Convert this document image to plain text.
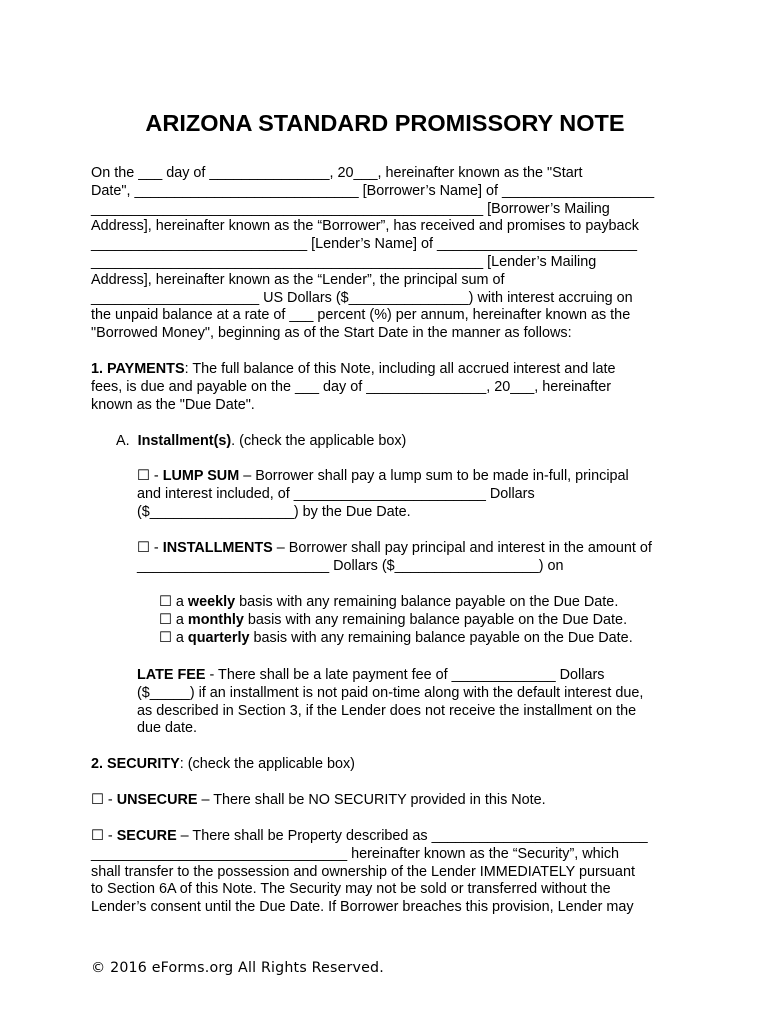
ARIZONA STANDARD PROMISSORY NOTE
On the ___ day of _______________, 20___, hereinafter known as the "Start
Date", ____________________________ [Borrower’s Name] of ___________________
_________________________________________________ [Borrower’s Mailing
Address], hereinafter known as the “Borrower”, has received and promises to payback
___________________________ [Lender’s Name] of _________________________
_________________________________________________ [Lender’s Mailing
Address], hereinafter known as the “Lender”, the principal sum of
_____________________ US Dollars ($_______________) with interest accruing on
the unpaid balance at a rate of ___ percent (%) per annum, hereinafter known as the
"Borrowed Money", beginning as of the Start Date in the manner as follows:
1. PAYMENTS: The full balance of this Note, including all accrued interest and late
fees, is due and payable on the ___ day of _______________, 20___, hereinafter
known as the "Due Date".
A. Installment(s). (check the applicable box)
☐ - LUMP SUM – Borrower shall pay a lump sum to be made in-full, principal
and interest included, of ________________________ Dollars
($__________________) by the Due Date.
☐ - INSTALLMENTS – Borrower shall pay principal and interest in the amount of
________________________ Dollars ($__________________) on
☐ a weekly basis with any remaining balance payable on the Due Date.
☐ a monthly basis with any remaining balance payable on the Due Date.
☐ a quarterly basis with any remaining balance payable on the Due Date.
LATE FEE - There shall be a late payment fee of _____________ Dollars
($_____) if an installment is not paid on-time along with the default interest due,
as described in Section 3, if the Lender does not receive the installment on the
due date.
2. SECURITY: (check the applicable box)
☐ - UNSECURE – There shall be NO SECURITY provided in this Note.
☐ - SECURE – There shall be Property described as ___________________________
________________________________ hereinafter known as the “Security”, which
shall transfer to the possession and ownership of the Lender IMMEDIATELY pursuant
to Section 6A of this Note. The Security may not be sold or transferred without the
Lender’s consent until the Due Date. If Borrower breaches this provision, Lender may

© 2016 eForms.org All Rights Reserved.
